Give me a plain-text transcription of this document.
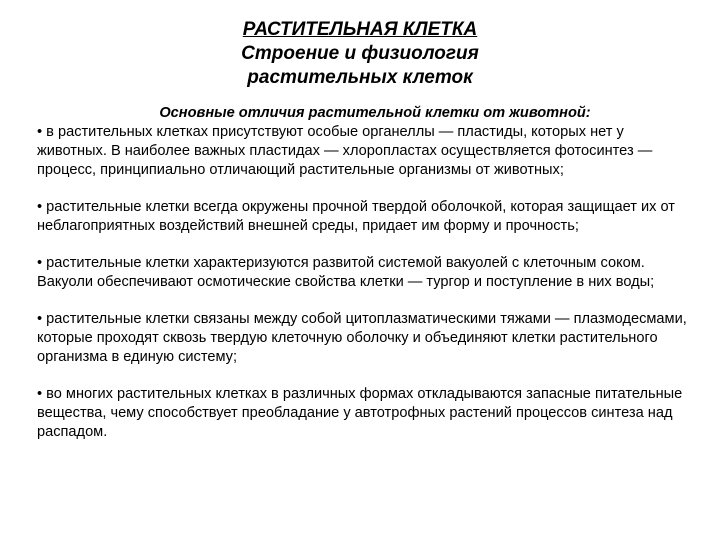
РАСТИТЕЛЬНАЯ КЛЕТКА
Строение и физиология
растительных клеток
Основные отличия растительной клетки от животной:

• в растительных клетках присутствуют особые органеллы — пластиды, которых нет у животных. В наиболее важных пластидах — хлоропластах осуществляется фотосинтез — процесс, принципиально отличающий растительные организмы от животных;

• растительные клетки всегда окружены прочной твердой оболочкой, которая защищает их от неблагоприятных воздействий внешней среды, придает им форму и прочность;

• растительные клетки характеризуются развитой системой вакуолей с клеточным соком. Вакуоли обеспечивают осмотические свойства клетки — тургор и поступление в них воды;

• растительные клетки связаны между собой цитоплазматическими тяжами — плазмодесмами, которые проходят сквозь твердую клеточную оболочку и объединяют клетки растительного организма в единую систему;

• во многих растительных клетках в различных формах откладываются запасные питательные вещества, чему способствует преобладание у автотрофных растений процессов синтеза над распадом.
